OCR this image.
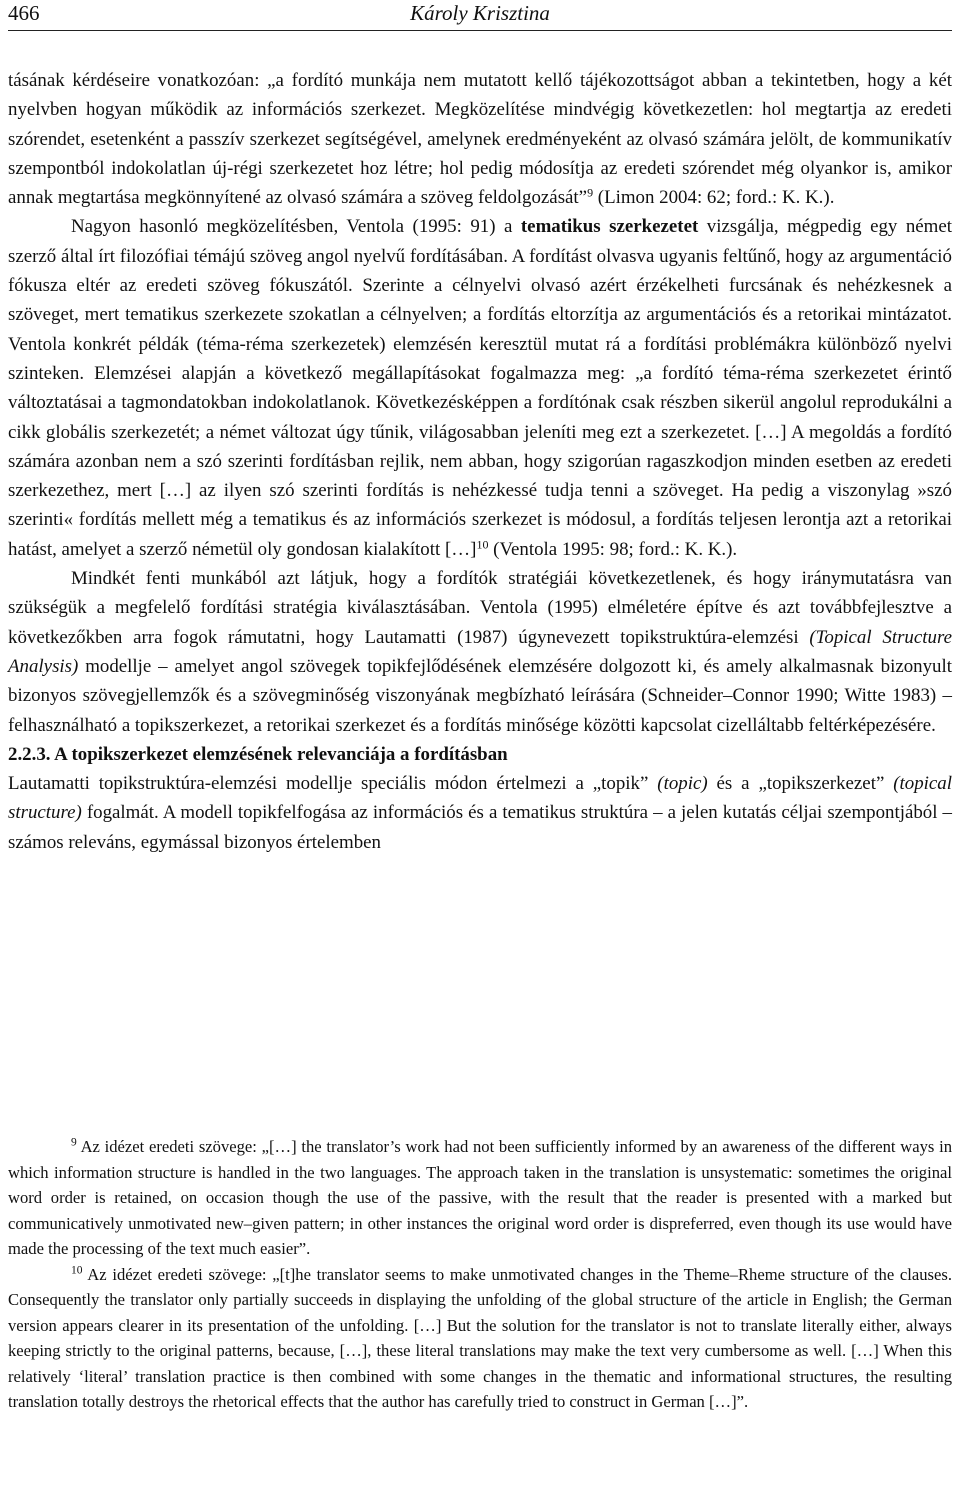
466	Károly Krisztina

tásának kérdéseire vonatkozóan: „a fordító munkája nem mutatott kellő tájékozottságot abban a tekintetben, hogy a két nyelvben hogyan működik az információs szerkezet. Megközelítése mindvégig következetlen: hol megtartja az eredeti szórendet, esetenként a passzív szerkezet segítségével, amelynek eredményeként az olvasó számára jelölt, de kommunikatív szempontból indokolatlan új-régi szerkezetet hoz létre; hol pedig módosítja az eredeti szórendet még olyankor is, amikor annak megtartása megkönnyítené az olvasó számára a szöveg feldolgozását”$^9$ (Limon 2004: 62; ford.: K. K.).

Nagyon hasonló megközelítésben, Ventola (1995: 91) a tematikus szerkezetet vizsgálja, mégpedig egy német szerző által írt filozófiai témájú szöveg angol nyelvű fordításában. A fordítást olvasva ugyanis feltűnő, hogy az argumentáció fókusza eltér az eredeti szöveg fókuszától. Szerinte a célnyelvi olvasó azért érzékelheti furcsának és nehézkesnek a szöveget, mert tematikus szerkezete szokatlan a célnyelven; a fordítás eltorzítja az argumentációs és a retorikai mintázatot. Ventola konkrét példák (téma-réma szerkezetek) elemzésén keresztül mutat rá a fordítási problémákra különböző nyelvi szinteken. Elemzései alapján a következő megállapításokat fogalmazza meg: „a fordító téma-réma szerkezetet érintő változtatásai a tagmondatokban indokolatlanok. Következésképpen a fordítónak csak részben sikerül angolul reprodukálni a cikk globális szerkezetét; a német változat úgy tűnik, világosabban jeleníti meg ezt a szerkezetet. […] A megoldás a fordító számára azonban nem a szó szerinti fordításban rejlik, nem abban, hogy szigorúan ragaszkodjon minden esetben az eredeti szerkezethez, mert […] az ilyen szó szerinti fordítás is nehézkessé tudja tenni a szöveget. Ha pedig a viszonylag »szó szerinti« fordítás mellett még a tematikus és az információs szerkezet is módosul, a fordítás teljesen lerontja azt a retorikai hatást, amelyet a szerző németül oly gondosan kialakított […]$^{10}$ (Ventola 1995: 98; ford.: K. K.).

Mindkét fenti munkából azt látjuk, hogy a fordítók stratégiái következetlenek, és hogy iránymutatásra van szükségük a megfelelő fordítási stratégia kiválasztásában. Ventola (1995) elméletére építve és azt továbbfejlesztve a következőkben arra fogok rámutatni, hogy Lautamatti (1987) úgynevezett topikstruktúra-elemzési (Topical Structure Analysis) modellje – amelyet angol szövegek topikfejlődésének elemzésére dolgozott ki, és amely alkalmasnak bizonyult bizonyos szövegjellemzők és a szövegminőség viszonyának megbízható leírására (Schneider–Connor 1990; Witte 1983) – felhasználható a topikszerkezet, a retorikai szerkezet és a fordítás minősége közötti kapcsolat cizelláltabb feltérképezésére.

2.2.3. A topikszerkezet elemzésének relevanciája a fordításban

Lautamatti topikstruktúra-elemzési modellje speciális módon értelmezi a „topik” (topic) és a „topikszerkezet” (topical structure) fogalmát. A modell topikfelfogása az információs és a tematikus struktúra – a jelen kutatás céljai szempontjából – számos releváns, egymással bizonyos értelemben

$^9$ Az idézet eredeti szövege: „[…] the translator’s work had not been sufficiently informed by an awareness of the different ways in which information structure is handled in the two languages. The approach taken in the translation is unsystematic: sometimes the original word order is retained, on occasion though the use of the passive, with the result that the reader is presented with a marked but communicatively unmotivated new–given pattern; in other instances the original word order is dispreferred, even though its use would have made the processing of the text much easier”.

$^{10}$ Az idézet eredeti szövege: „[t]he translator seems to make unmotivated changes in the Theme–Rheme structure of the clauses. Consequently the translator only partially succeeds in displaying the unfolding of the global structure of the article in English; the German version appears clearer in its presentation of the unfolding. […] But the solution for the translator is not to translate literally either, always keeping strictly to the original patterns, because, […], these literal translations may make the text very cumbersome as well. […] When this relatively ‘literal’ translation practice is then combined with some changes in the thematic and informational structures, the resulting translation totally destroys the rhetorical effects that the author has carefully tried to construct in German […]”.
